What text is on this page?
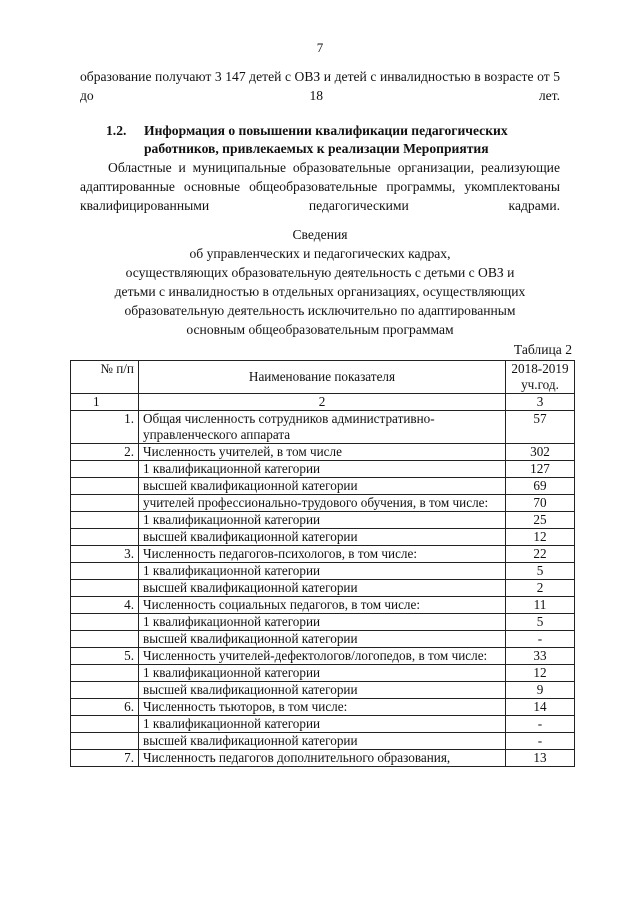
7
образование получают 3 147 детей с ОВЗ и детей с инвалидностью в возрасте от 5 до 18 лет.
1.2. Информация о повышении квалификации педагогических работников, привлекаемых к реализации Мероприятия
Областные и муниципальные образовательные организации, реализующие адаптированные основные общеобразовательные программы, укомплектованы квалифицированными педагогическими кадрами.
Сведения
об управленческих и педагогических кадрах,
осуществляющих образовательную деятельность с детьми с ОВЗ и
детьми с инвалидностью в отдельных организациях, осуществляющих
образовательную деятельность исключительно по адаптированным
основным общеобразовательным программам
Таблица 2
№ п/п	Наименование показателя	2018-2019 уч.год.
1	2	3
1.	Общая численность сотрудников административно-управленческого аппарата	57
2.	Численность учителей, в том числе	302
	1 квалификационной категории	127
	высшей квалификационной категории	69
	учителей профессионально-трудового обучения, в том числе:	70
	1 квалификационной категории	25
	высшей квалификационной категории	12
3.	Численность педагогов-психологов, в том числе:	22
	1 квалификационной категории	5
	высшей квалификационной категории	2
4.	Численность социальных педагогов, в том числе:	11
	1 квалификационной категории	5
	высшей квалификационной категории	-
5.	Численность учителей-дефектологов/логопедов, в том числе:	33
	1 квалификационной категории	12
	высшей квалификационной категории	9
6.	Численность тьюторов, в том числе:	14
	1 квалификационной категории	-
	высшей квалификационной категории	-
7.	Численность педагогов дополнительного образования,	13
